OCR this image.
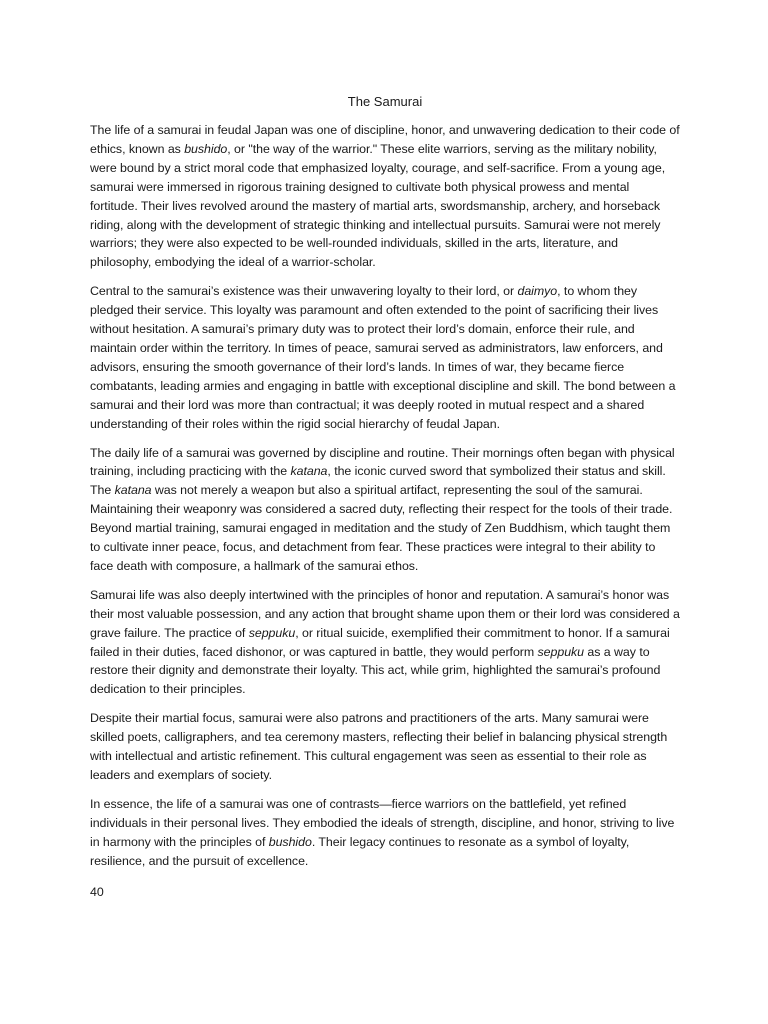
The Samurai

The life of a samurai in feudal Japan was one of discipline, honor, and unwavering dedication to their code of ethics, known as bushido, or "the way of the warrior." These elite warriors, serving as the military nobility, were bound by a strict moral code that emphasized loyalty, courage, and self-sacrifice. From a young age, samurai were immersed in rigorous training designed to cultivate both physical prowess and mental fortitude. Their lives revolved around the mastery of martial arts, swordsmanship, archery, and horseback riding, along with the development of strategic thinking and intellectual pursuits. Samurai were not merely warriors; they were also expected to be well-rounded individuals, skilled in the arts, literature, and philosophy, embodying the ideal of a warrior-scholar.

Central to the samurai’s existence was their unwavering loyalty to their lord, or daimyo, to whom they pledged their service. This loyalty was paramount and often extended to the point of sacrificing their lives without hesitation. A samurai’s primary duty was to protect their lord’s domain, enforce their rule, and maintain order within the territory. In times of peace, samurai served as administrators, law enforcers, and advisors, ensuring the smooth governance of their lord’s lands. In times of war, they became fierce combatants, leading armies and engaging in battle with exceptional discipline and skill. The bond between a samurai and their lord was more than contractual; it was deeply rooted in mutual respect and a shared understanding of their roles within the rigid social hierarchy of feudal Japan.

The daily life of a samurai was governed by discipline and routine. Their mornings often began with physical training, including practicing with the katana, the iconic curved sword that symbolized their status and skill. The katana was not merely a weapon but also a spiritual artifact, representing the soul of the samurai. Maintaining their weaponry was considered a sacred duty, reflecting their respect for the tools of their trade. Beyond martial training, samurai engaged in meditation and the study of Zen Buddhism, which taught them to cultivate inner peace, focus, and detachment from fear. These practices were integral to their ability to face death with composure, a hallmark of the samurai ethos.

Samurai life was also deeply intertwined with the principles of honor and reputation. A samurai’s honor was their most valuable possession, and any action that brought shame upon them or their lord was considered a grave failure. The practice of seppuku, or ritual suicide, exemplified their commitment to honor. If a samurai failed in their duties, faced dishonor, or was captured in battle, they would perform seppuku as a way to restore their dignity and demonstrate their loyalty. This act, while grim, highlighted the samurai’s profound dedication to their principles.

Despite their martial focus, samurai were also patrons and practitioners of the arts. Many samurai were skilled poets, calligraphers, and tea ceremony masters, reflecting their belief in balancing physical strength with intellectual and artistic refinement. This cultural engagement was seen as essential to their role as leaders and exemplars of society.

In essence, the life of a samurai was one of contrasts—fierce warriors on the battlefield, yet refined individuals in their personal lives. They embodied the ideals of strength, discipline, and honor, striving to live in harmony with the principles of bushido. Their legacy continues to resonate as a symbol of loyalty, resilience, and the pursuit of excellence.

40
